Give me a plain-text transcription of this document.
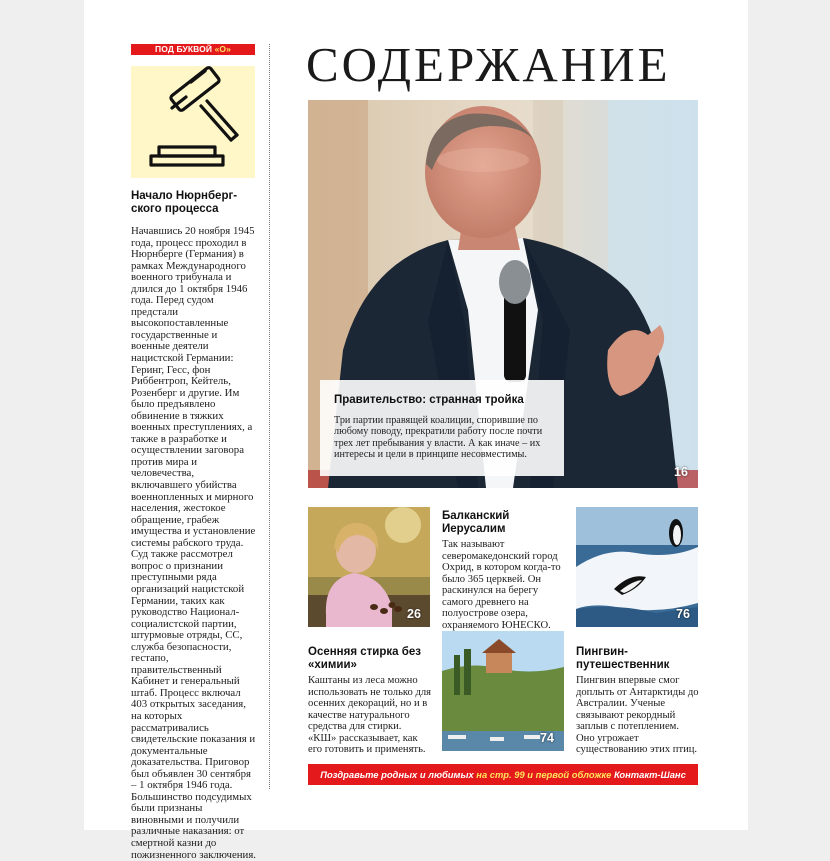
ПОД БУКВОЙ «О»
Начало Нюрнберг-ского процесса
Начавшись 20 ноября 1945 года, процесс проходил в Нюрнберге (Германия) в рамках Международного военного трибунала и длился до 1 октября 1946 года. Перед судом предстали высокопоставленные государственные и военные деятели нацистской Германии: Геринг, Гесс, фон Риббентроп, Кейтель, Розенберг и другие. Им было предъявлено обвинение в тяжких военных преступлениях, а также в разработке и осуществлении заговора против мира и человечества, включавшего убийства военнопленных и мирного населения, жестокое обращение, грабеж имущества и установление системы рабского труда. Суд также рассмотрел вопрос о признании преступными ряда организаций нацистской Германии, таких как руководство Национал-социалистской партии, штурмовые отряды, СС, служба безопасности, гестапо, правительственный Кабинет и генеральный штаб. Процесс включал 403 открытых заседания, на которых рассматривались свидетельские показания и документальные доказательства. Приговор был объявлен 30 сентября – 1 октября 1946 года. Большинство подсудимых были признаны виновными и получили различные наказания: от смертной казни до пожизненного заключения.
СОДЕРЖАНИЕ
16
Правительство: странная тройка
Три партии правящей коалиции, спорившие по любому поводу, прекратили работу после почти трех лет пребывания у власти. А как иначе – их интересы и цели в принципе несовместимы.
26
Балканский Иерусалим
Так называют северомакедонский город Охрид, в котором когда-то было 365 церквей. Он раскинулся на берегу самого древнего на полуострове озера, охраняемого ЮНЕСКО.
76
Осенняя стирка без «химии»
Каштаны из леса можно использовать не только для осенних декораций, но и в качестве натурального средства для стирки. «КШ» рассказывает, как его готовить и применять.
74
Пингвин-путешественник
Пингвин впервые смог доплыть от Антарктиды до Австралии. Ученые связывают рекордный заплыв с потеплением. Оно угрожает существованию этих птиц.
Поздравьте родных и любимых на стр. 99 и первой обложке Контакт-Шанс
